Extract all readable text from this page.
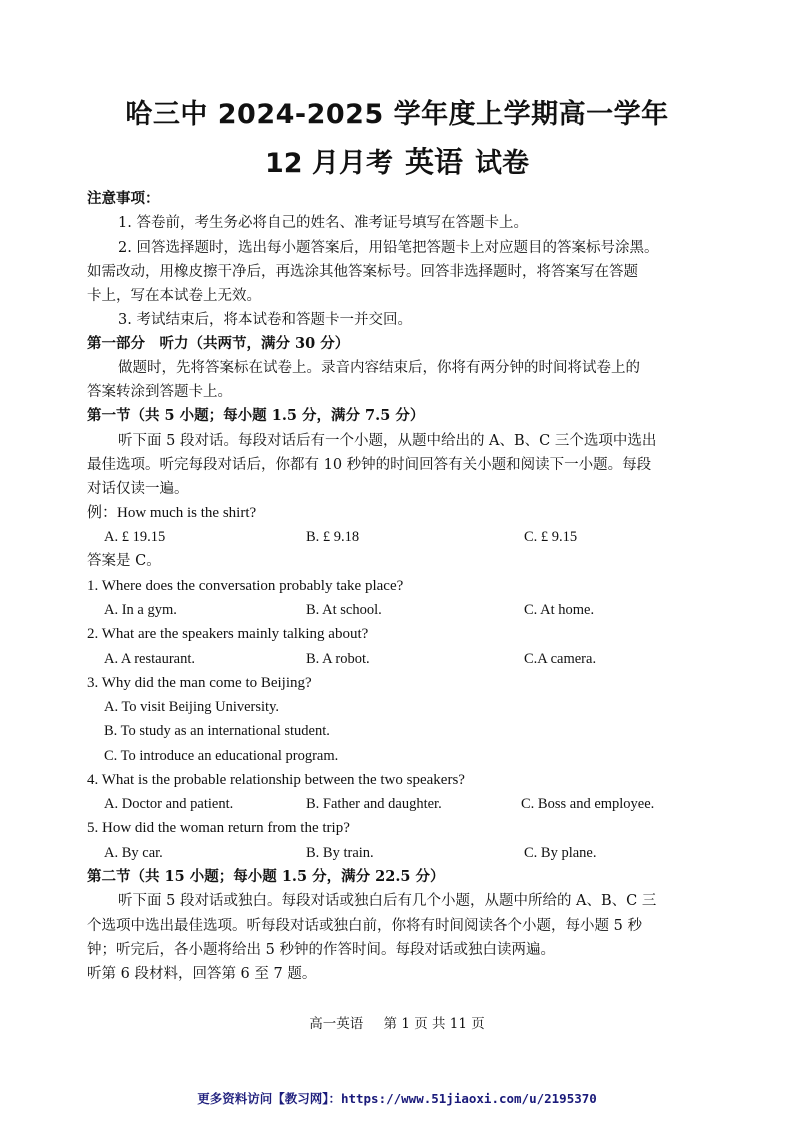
哈三中 2024-2025 学年度上学期高一学年
12 月月考 英语 试卷
注意事项：
1. 答卷前，考生务必将自己的姓名、准考证号填写在答题卡上。
2. 回答选择题时，选出每小题答案后，用铅笔把答题卡上对应题目的答案标号涂黑。
如需改动，用橡皮擦干净后，再选涂其他答案标号。回答非选择题时，将答案写在答题
卡上，写在本试卷上无效。
3. 考试结束后，将本试卷和答题卡一并交回。
第一部分　听力（共两节，满分 30 分）
做题时，先将答案标在试卷上。录音内容结束后，你将有两分钟的时间将试卷上的
答案转涂到答题卡上。
第一节（共 5 小题；每小题 1.5 分，满分 7.5 分）
听下面 5 段对话。每段对话后有一个小题，从题中给出的 A、B、C 三个选项中选出
最佳选项。听完每段对话后，你都有 10 秒钟的时间回答有关小题和阅读下一小题。每段
对话仅读一遍。
例：How much is the shirt?
A. £ 19.15	B. £ 9.18	C. £ 9.15
答案是 C。
1. Where does the conversation probably take place?
A. In a gym.	B. At school.	C. At home.
2. What are the speakers mainly talking about?
A. A restaurant.	B. A robot.	C.A camera.
3. Why did the man come to Beijing?
A. To visit Beijing University.
B. To study as an international student.
C. To introduce an educational program.
4. What is the probable relationship between the two speakers?
A. Doctor and patient.	B. Father and daughter.	C. Boss and employee.
5. How did the woman return from the trip?
A. By car.	B. By train.	C. By plane.
第二节（共 15 小题；每小题 1.5 分，满分 22.5 分）
听下面 5 段对话或独白。每段对话或独白后有几个小题，从题中所给的 A、B、C 三
个选项中选出最佳选项。听每段对话或独白前，你将有时间阅读各个小题，每小题 5 秒
钟；听完后，各小题将给出 5 秒钟的作答时间。每段对话或独白读两遍。
听第 6 段材料，回答第 6 至 7 题。
高一英语 第 1 页 共 11 页
更多资料访问【教习网】：https://www.51jiaoxi.com/u/2195370
